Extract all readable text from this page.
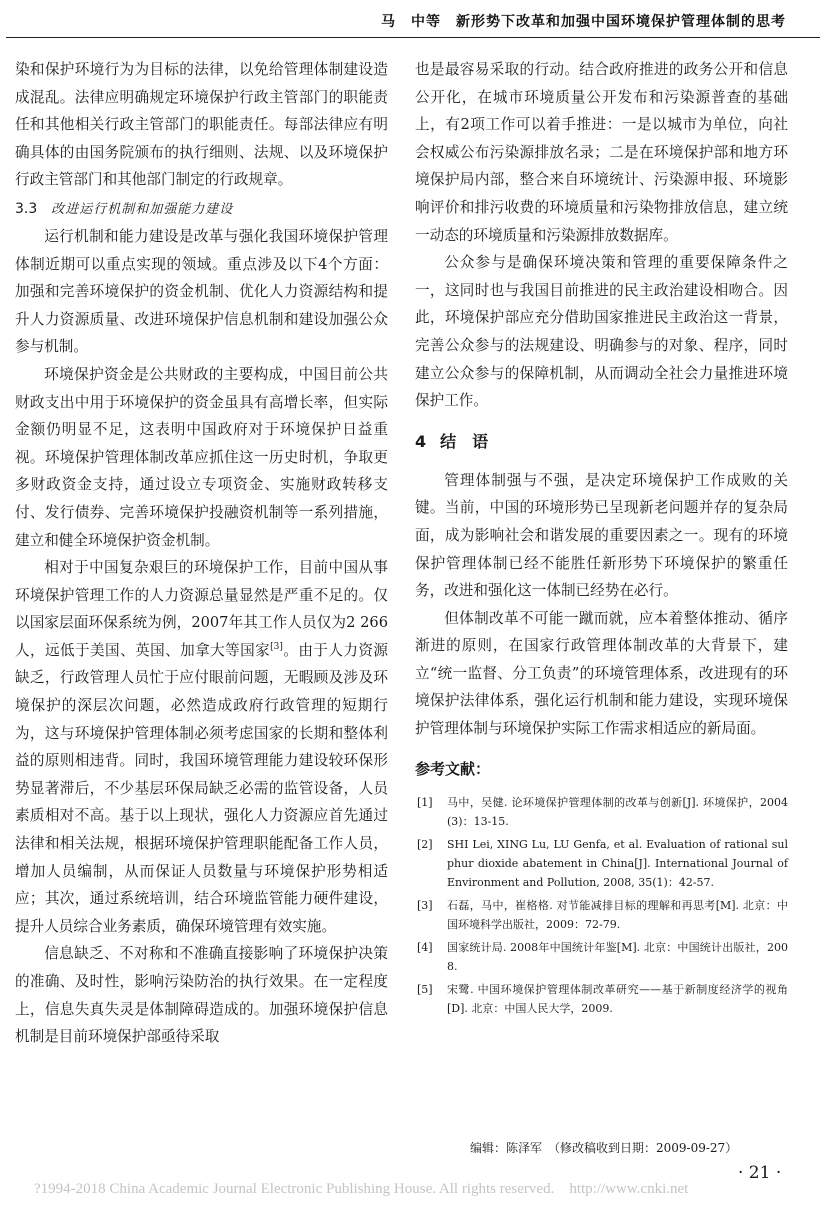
马　中等　新形势下改革和加强中国环境保护管理体制的思考

染和保护环境行为为目标的法律，以免给管理体制建设造成混乱。法律应明确规定环境保护行政主管部门的职能责任和其他相关行政主管部门的职能责任。每部法律应有明确具体的由国务院颁布的执行细则、法规、以及环境保护行政主管部门和其他部门制定的行政规章。

3.3 改进运行机制和加强能力建设

运行机制和能力建设是改革与强化我国环境保护管理体制近期可以重点实现的领域。重点涉及以下4个方面：加强和完善环境保护的资金机制、优化人力资源结构和提升人力资源质量、改进环境保护信息机制和建设加强公众参与机制。

环境保护资金是公共财政的主要构成，中国目前公共财政支出中用于环境保护的资金虽具有高增长率，但实际金额仍明显不足，这表明中国政府对于环境保护日益重视。环境保护管理体制改革应抓住这一历史时机，争取更多财政资金支持，通过设立专项资金、实施财政转移支付、发行债券、完善环境保护投融资机制等一系列措施，建立和健全环境保护资金机制。

相对于中国复杂艰巨的环境保护工作，目前中国从事环境保护管理工作的人力资源总量显然是严重不足的。仅以国家层面环保系统为例，2007年其工作人员仅为2 266人，远低于美国、英国、加拿大等国家[3]。由于人力资源缺乏，行政管理人员忙于应付眼前问题，无暇顾及涉及环境保护的深层次问题，必然造成政府行政管理的短期行为，这与环境保护管理体制必须考虑国家的长期和整体利益的原则相违背。同时，我国环境管理能力建设较环保形势显著滞后，不少基层环保局缺乏必需的监管设备，人员素质相对不高。基于以上现状，强化人力资源应首先通过法律和相关法规，根据环境保护管理职能配备工作人员，增加人员编制，从而保证人员数量与环境保护形势相适应；其次，通过系统培训，结合环境监管能力硬件建设，提升人员综合业务素质，确保环境管理有效实施。

信息缺乏、不对称和不准确直接影响了环境保护决策的准确、及时性，影响污染防治的执行效果。在一定程度上，信息失真失灵是体制障碍造成的。加强环境保护信息机制是目前环境保护部亟待采取

也是最容易采取的行动。结合政府推进的政务公开和信息公开化，在城市环境质量公开发布和污染源普查的基础上，有2项工作可以着手推进：一是以城市为单位，向社会权威公布污染源排放名录；二是在环境保护部和地方环境保护局内部，整合来自环境统计、污染源申报、环境影响评价和排污收费的环境质量和污染物排放信息，建立统一动态的环境质量和污染源排放数据库。

公众参与是确保环境决策和管理的重要保障条件之一，这同时也与我国目前推进的民主政治建设相吻合。因此，环境保护部应充分借助国家推进民主政治这一背景，完善公众参与的法规建设、明确参与的对象、程序，同时建立公众参与的保障机制，从而调动全社会力量推进环境保护工作。

4 结　语

管理体制强与不强，是决定环境保护工作成败的关键。当前，中国的环境形势已呈现新老问题并存的复杂局面，成为影响社会和谐发展的重要因素之一。现有的环境保护管理体制已经不能胜任新形势下环境保护的繁重任务，改进和强化这一体制已经势在必行。

但体制改革不可能一蹴而就，应本着整体推动、循序渐进的原则，在国家行政管理体制改革的大背景下，建立“统一监督、分工负责”的环境管理体系，改进现有的环境保护法律体系，强化运行机制和能力建设，实现环境保护管理体制与环境保护实际工作需求相适应的新局面。

参考文献：
[1] 马中，吴健. 论环境保护管理体制的改革与创新[J]. 环境保护，2004(3)：13-15.
[2] SHI Lei, XING Lu, LU Genfa, et al. Evaluation of rational sulphur dioxide abatement in China[J]. International Journal of Environment and Pollution, 2008, 35(1)：42-57.
[3] 石磊，马中，崔格格. 对节能减排目标的理解和再思考[M]. 北京：中国环境科学出版社，2009：72-79.
[4] 国家统计局. 2008年中国统计年鉴[M]. 北京：中国统计出版社，2008.
[5] 宋鹭. 中国环境保护管理体制改革研究——基于新制度经济学的视角[D]. 北京：中国人民大学，2009.
编辑：陈泽军　（修改稿收到日期：2009-09-27）
· 21 ·
?1994-2018 China Academic Journal Electronic Publishing House. All rights reserved.　http://www.cnki.net
